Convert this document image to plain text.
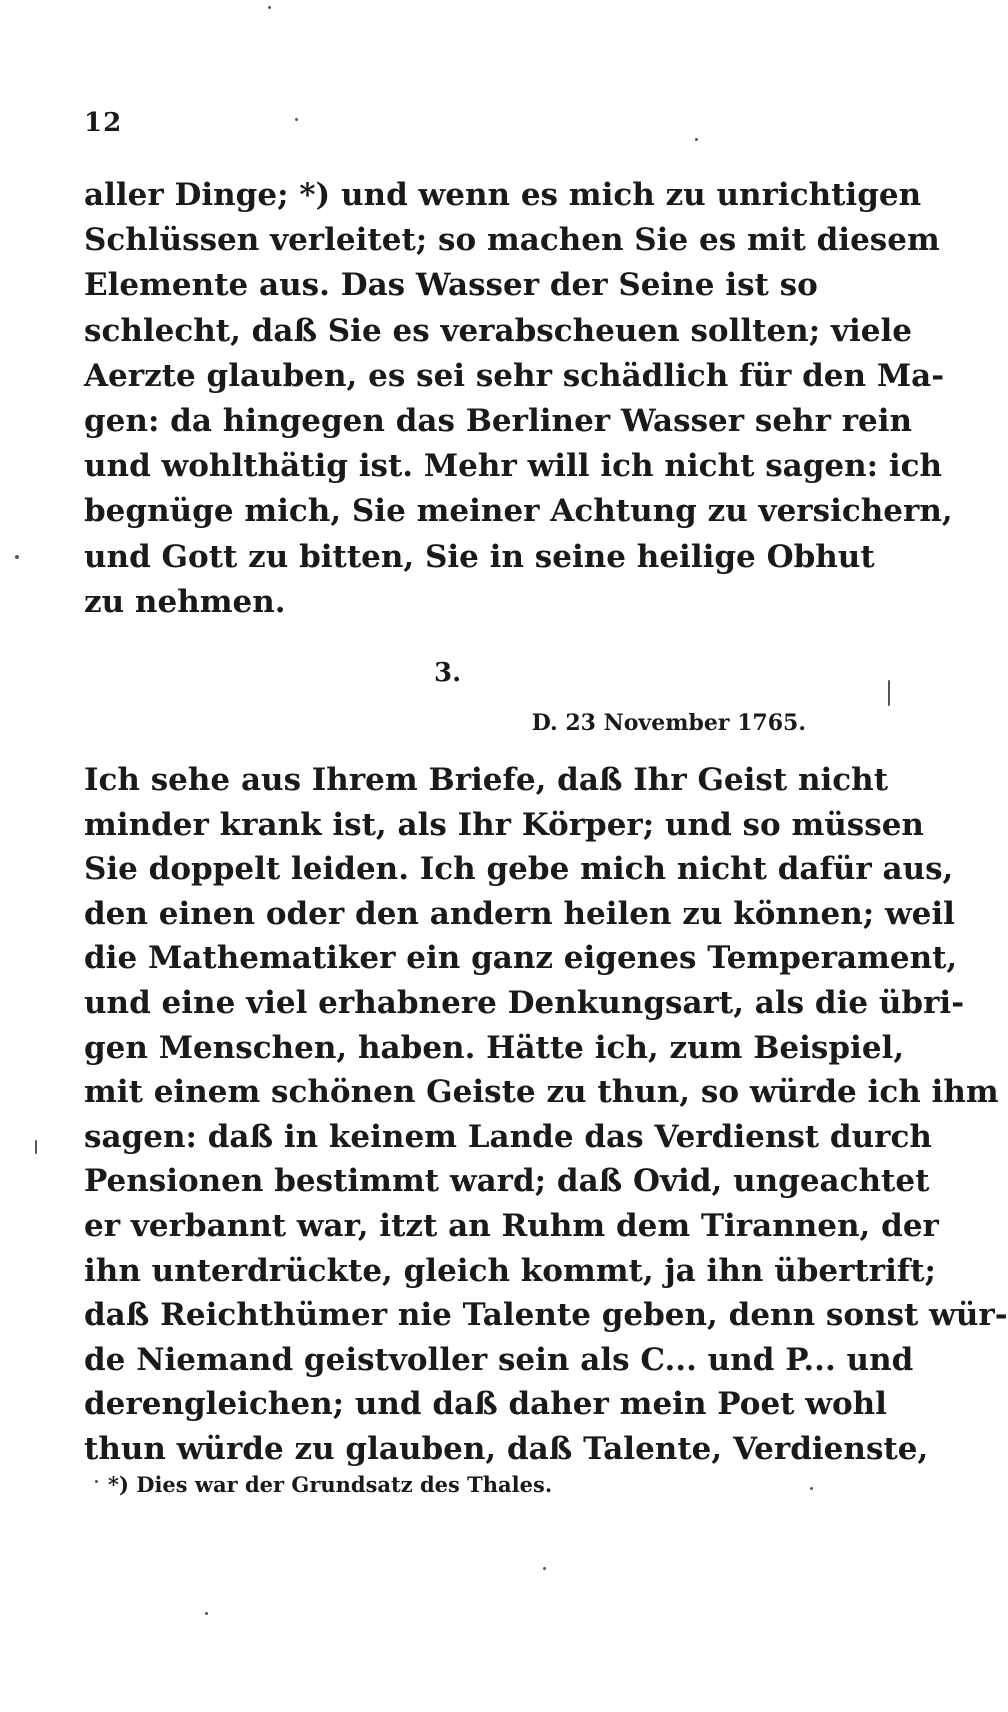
12
aller Dinge; *) und wenn es mich zu unrichtigen
Schlüssen verleitet; so machen Sie es mit diesem
Elemente aus. Das Wasser der Seine ist so
schlecht, daß Sie es verabscheuen sollten; viele
Aerzte glauben, es sei sehr schädlich für den Ma-
gen: da hingegen das Berliner Wasser sehr rein
und wohlthätig ist. Mehr will ich nicht sagen: ich
begnüge mich, Sie meiner Achtung zu versichern,
und Gott zu bitten, Sie in seine heilige Obhut
zu nehmen.
3.
D. 23 November 1765.
Ich sehe aus Ihrem Briefe, daß Ihr Geist nicht
minder krank ist, als Ihr Körper; und so müssen
Sie doppelt leiden. Ich gebe mich nicht dafür aus,
den einen oder den andern heilen zu können; weil
die Mathematiker ein ganz eigenes Temperament,
und eine viel erhabnere Denkungsart, als die übri-
gen Menschen, haben. Hätte ich, zum Beispiel,
mit einem schönen Geiste zu thun, so würde ich ihm
sagen: daß in keinem Lande das Verdienst durch
Pensionen bestimmt ward; daß Ovid, ungeachtet
er verbannt war, itzt an Ruhm dem Tirannen, der
ihn unterdrückte, gleich kommt, ja ihn übertrift;
daß Reichthümer nie Talente geben, denn sonst wür-
de Niemand geistvoller sein als C... und P... und
derengleichen; und daß daher mein Poet wohl
thun würde zu glauben, daß Talente, Verdienste,
*) Dies war der Grundsatz des Thales.
